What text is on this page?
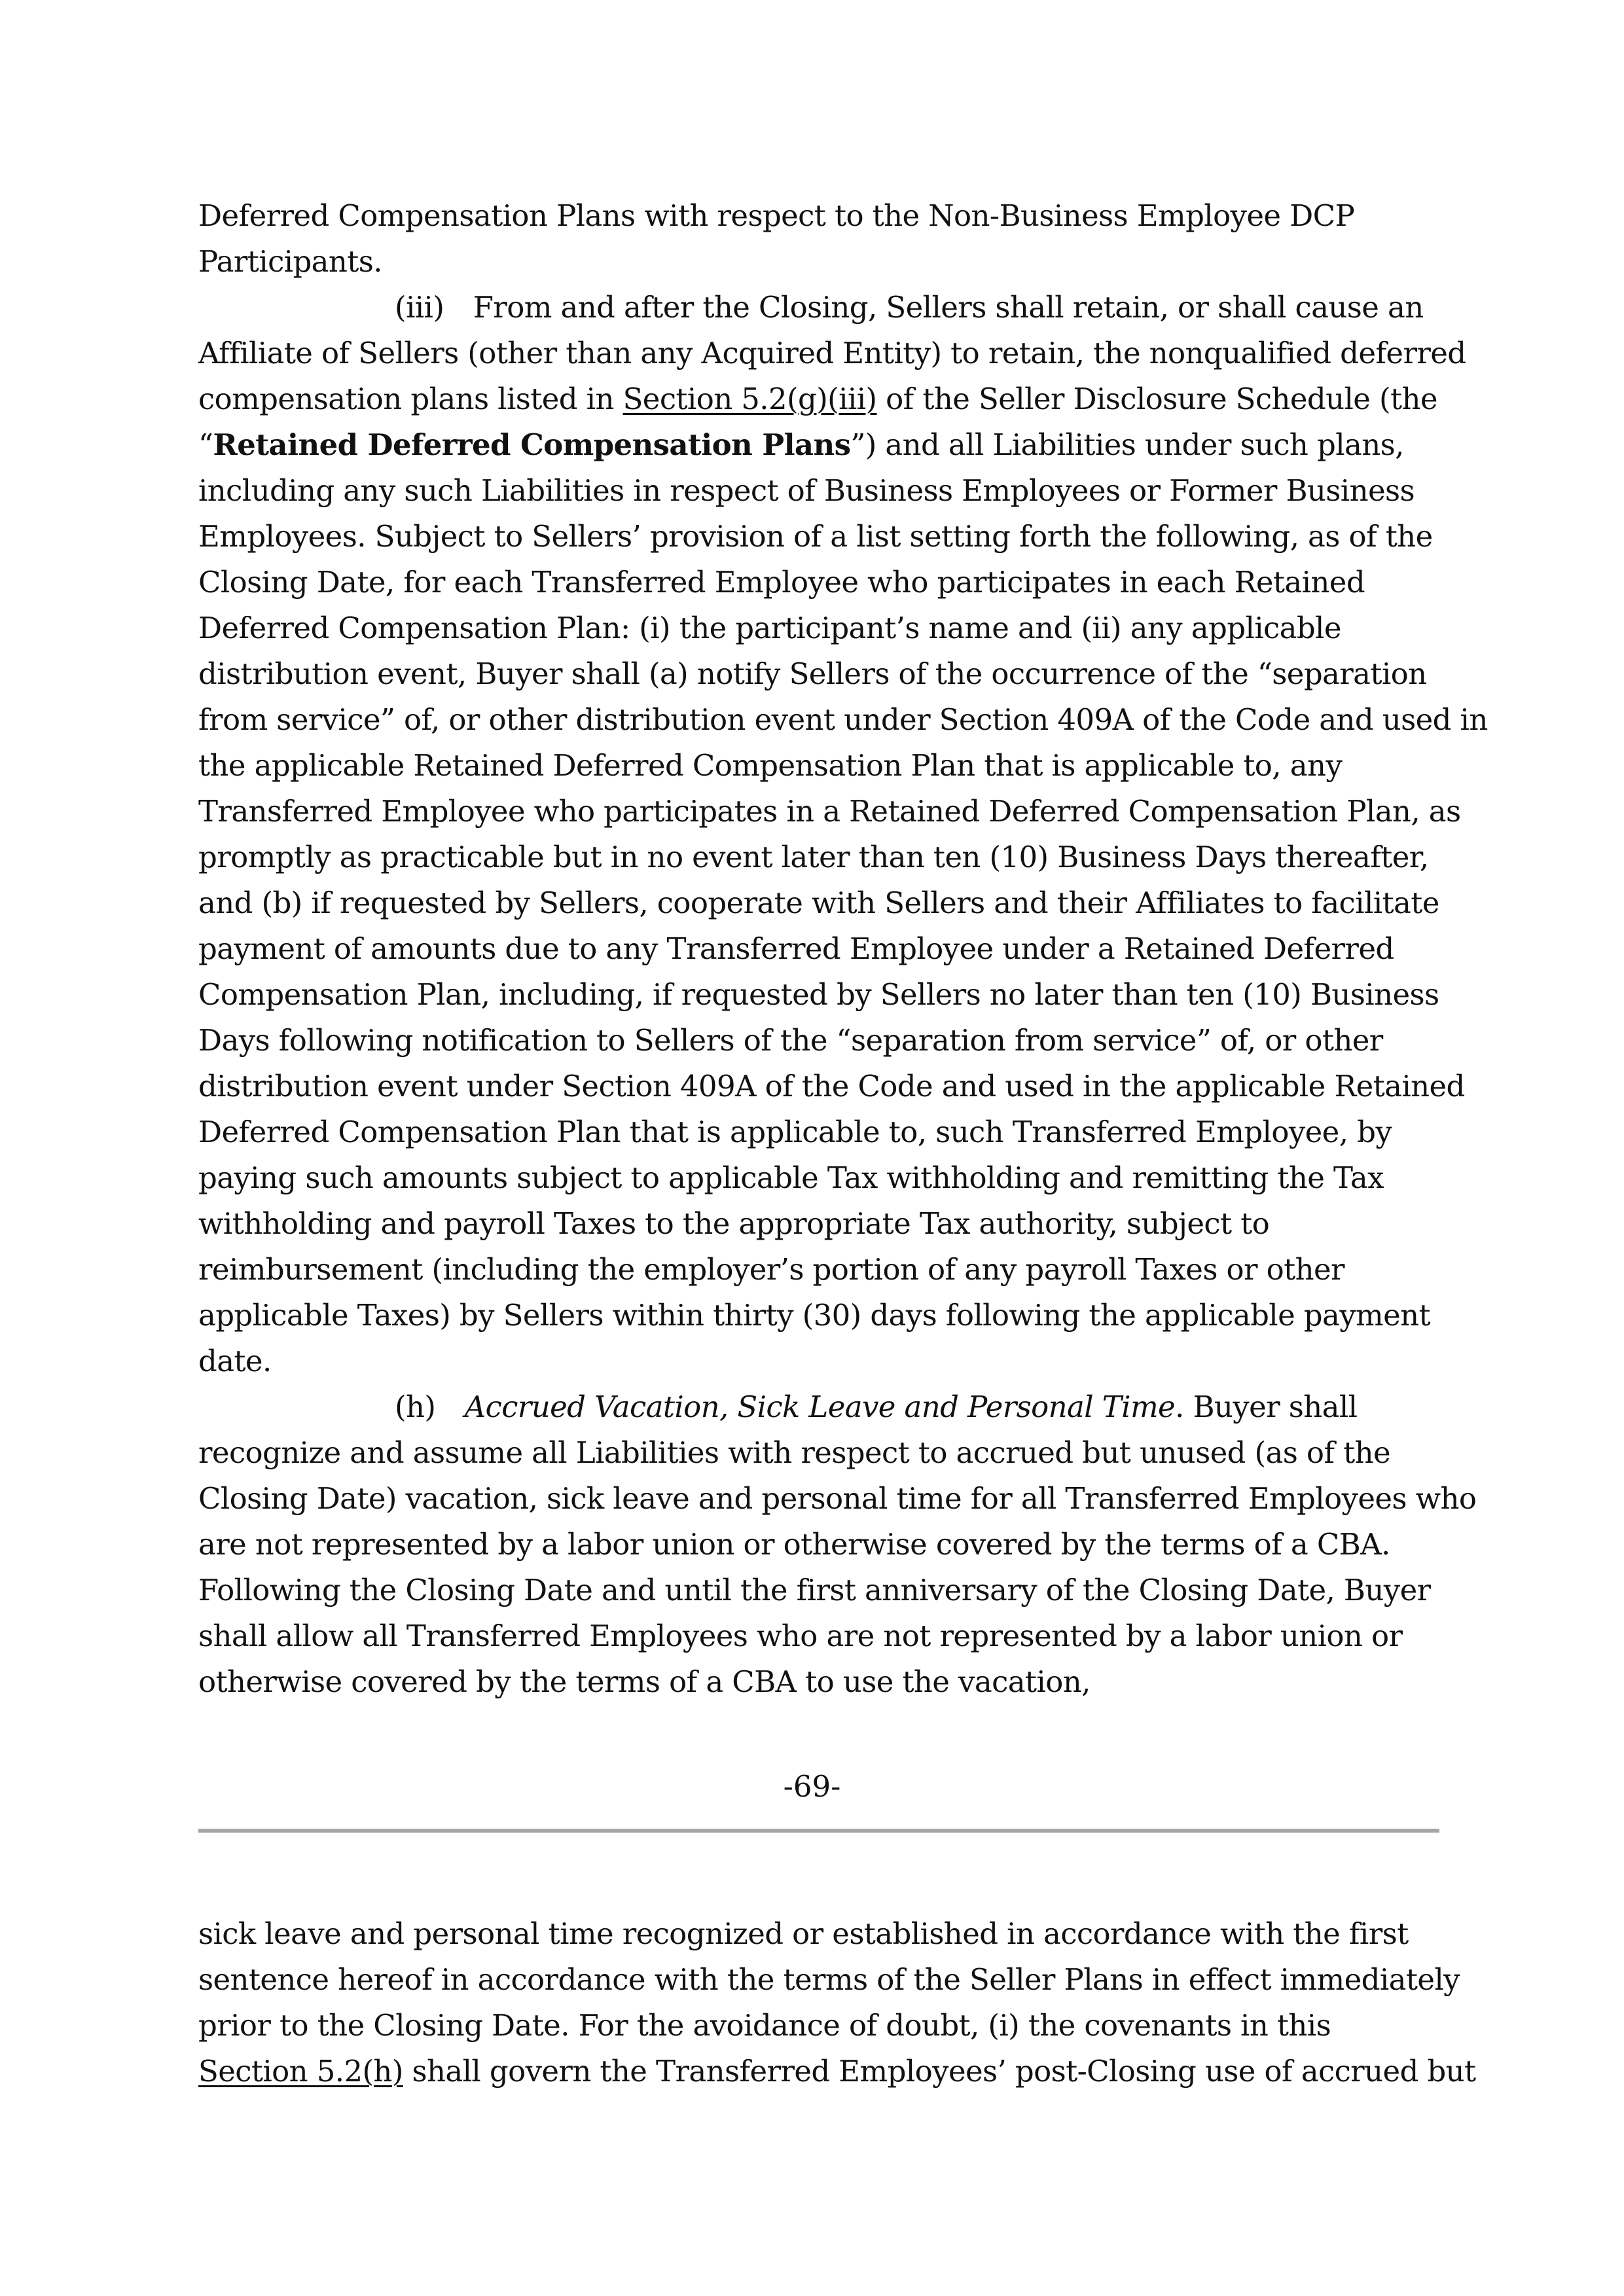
Deferred Compensation Plans with respect to the Non-Business Employee DCP
Participants.
(iii) From and after the Closing, Sellers shall retain, or shall cause an
Affiliate of Sellers (other than any Acquired Entity) to retain, the nonqualified deferred
compensation plans listed in Section 5.2(g)(iii) of the Seller Disclosure Schedule (the
“Retained Deferred Compensation Plans”) and all Liabilities under such plans,
including any such Liabilities in respect of Business Employees or Former Business
Employees. Subject to Sellers’ provision of a list setting forth the following, as of the
Closing Date, for each Transferred Employee who participates in each Retained
Deferred Compensation Plan: (i) the participant’s name and (ii) any applicable
distribution event, Buyer shall (a) notify Sellers of the occurrence of the “separation
from service” of, or other distribution event under Section 409A of the Code and used in
the applicable Retained Deferred Compensation Plan that is applicable to, any
Transferred Employee who participates in a Retained Deferred Compensation Plan, as
promptly as practicable but in no event later than ten (10) Business Days thereafter,
and (b) if requested by Sellers, cooperate with Sellers and their Affiliates to facilitate
payment of amounts due to any Transferred Employee under a Retained Deferred
Compensation Plan, including, if requested by Sellers no later than ten (10) Business
Days following notification to Sellers of the “separation from service” of, or other
distribution event under Section 409A of the Code and used in the applicable Retained
Deferred Compensation Plan that is applicable to, such Transferred Employee, by
paying such amounts subject to applicable Tax withholding and remitting the Tax
withholding and payroll Taxes to the appropriate Tax authority, subject to
reimbursement (including the employer’s portion of any payroll Taxes or other
applicable Taxes) by Sellers within thirty (30) days following the applicable payment
date.
(h) Accrued Vacation, Sick Leave and Personal Time. Buyer shall
recognize and assume all Liabilities with respect to accrued but unused (as of the
Closing Date) vacation, sick leave and personal time for all Transferred Employees who
are not represented by a labor union or otherwise covered by the terms of a CBA.
Following the Closing Date and until the first anniversary of the Closing Date, Buyer
shall allow all Transferred Employees who are not represented by a labor union or
otherwise covered by the terms of a CBA to use the vacation,
-69-
sick leave and personal time recognized or established in accordance with the first
sentence hereof in accordance with the terms of the Seller Plans in effect immediately
prior to the Closing Date. For the avoidance of doubt, (i) the covenants in this
Section 5.2(h) shall govern the Transferred Employees’ post-Closing use of accrued but
